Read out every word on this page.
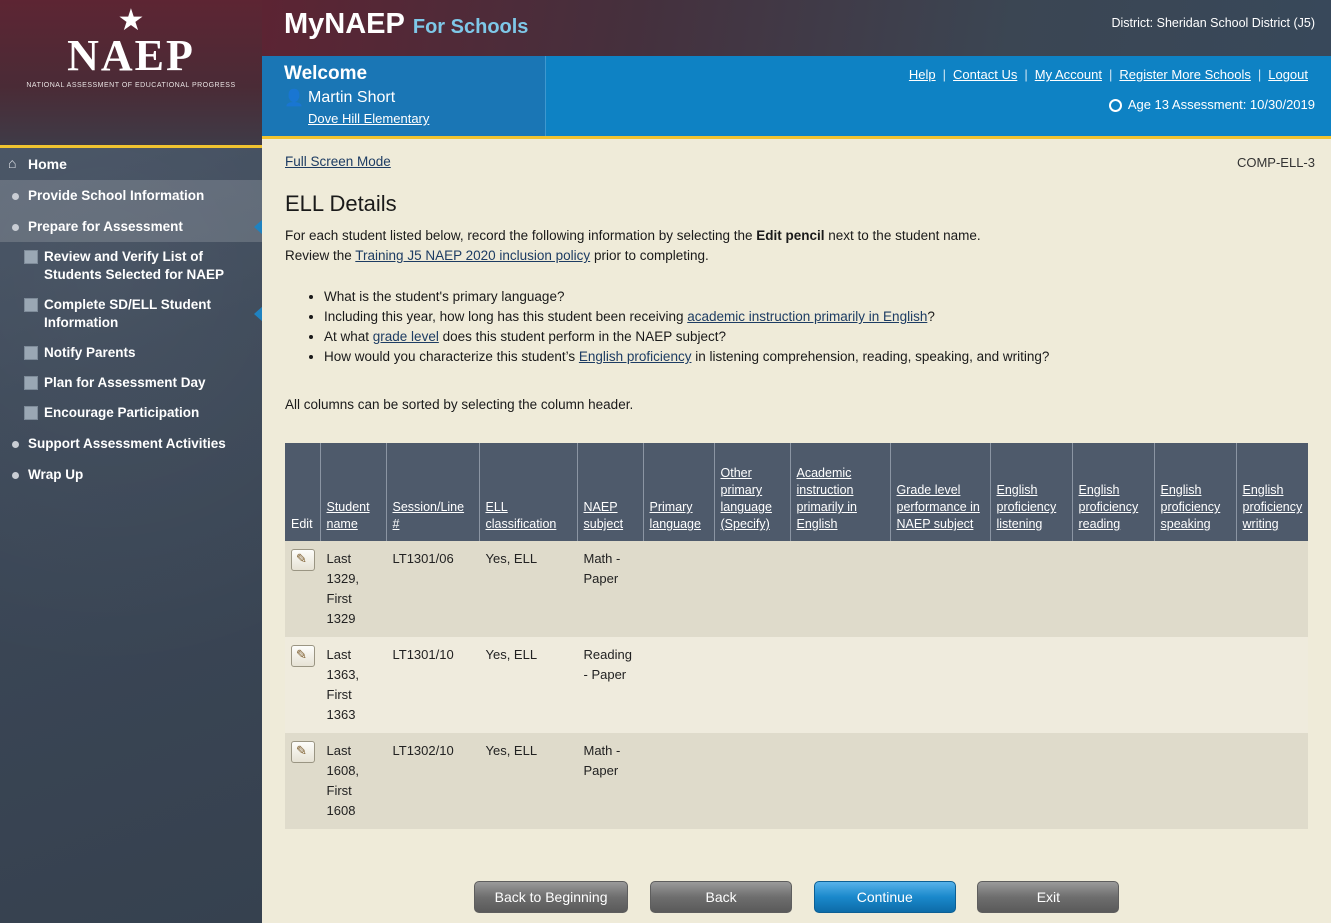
★
NAEP
NATIONAL ASSESSMENT OF EDUCATIONAL PROGRESS
⌂ Home
Provide School Information
Prepare for Assessment
Review and Verify List of Students Selected for NAEP
Complete SD/ELL Student Information
Notify Parents
Plan for Assessment Day
Encourage Participation
Support Assessment Activities
Wrap Up
MyNAEP For Schools	District: Sheridan School District (J5)
Welcome
👤 Martin Short
Dove Hill Elementary
Help | Contact Us | My Account | Register More Schools | Logout
Age 13 Assessment: 10/30/2019
Full Screen Mode	COMP-ELL-3
ELL Details
For each student listed below, record the following information by selecting the Edit pencil next to the student name.
Review the Training J5 NAEP 2020 inclusion policy prior to completing.
• What is the student's primary language?
• Including this year, how long has this student been receiving academic instruction primarily in English?
• At what grade level does this student perform in the NAEP subject?
• How would you characterize this student’s English proficiency in listening comprehension, reading, speaking, and writing?
All columns can be sorted by selecting the column header.
Edit	Student name	Session/Line #	ELL classification	NAEP subject	Primary language	Other primary language (Specify)	Academic instruction primarily in English	Grade level performance in NAEP subject	English proficiency listening	English proficiency reading	English proficiency speaking	English proficiency writing
✎	Last 1329, First 1329	LT1301/06	Yes, ELL	Math - Paper								
✎	Last 1363, First 1363	LT1301/10	Yes, ELL	Reading - Paper								
✎	Last 1608, First 1608	LT1302/10	Yes, ELL	Math - Paper								
Back to Beginning	Back	Continue	Exit
